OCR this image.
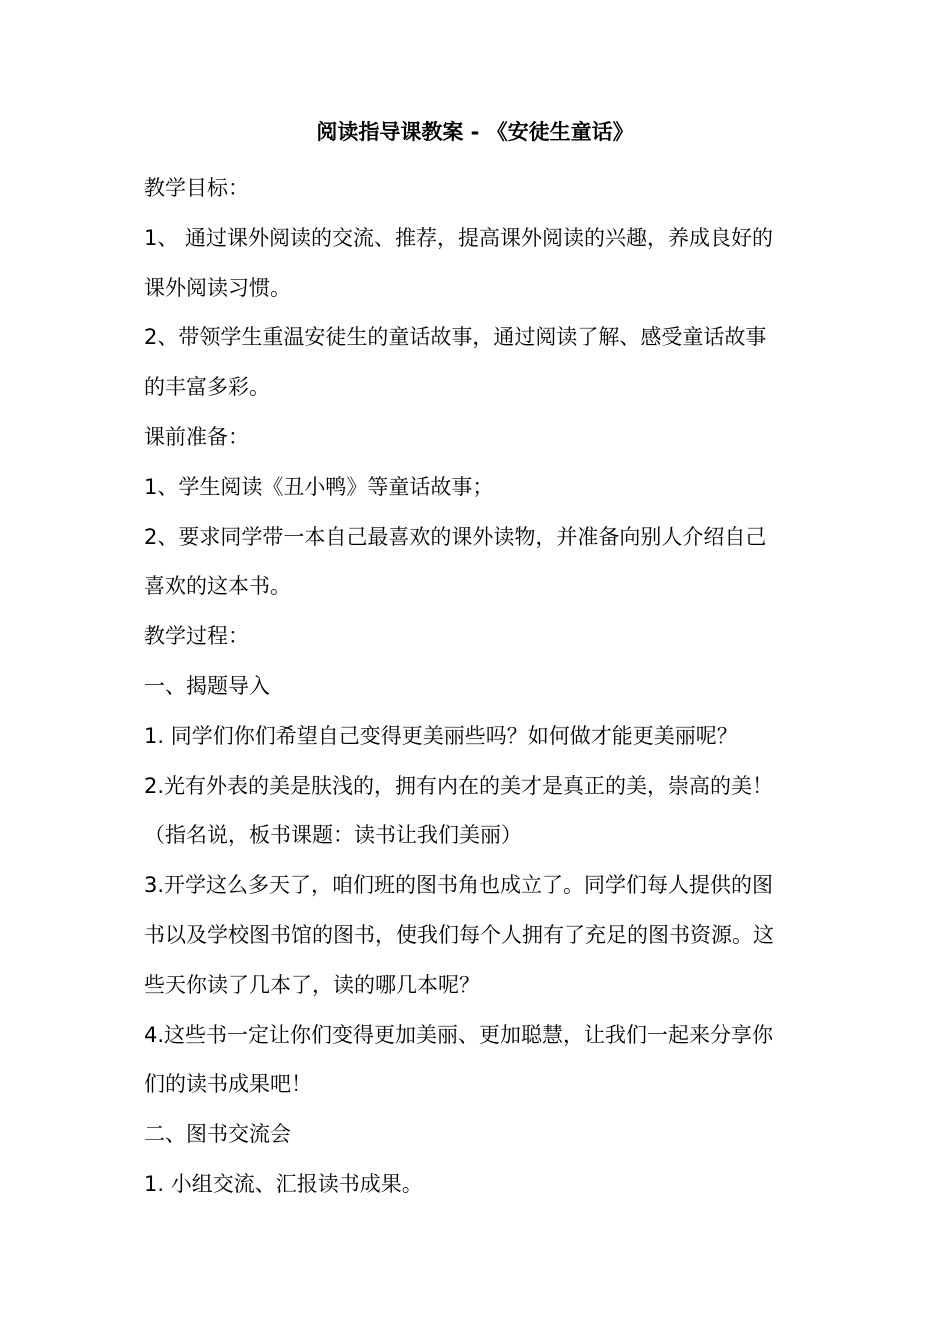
阅读指导课教案 - 《安徒生童话》
教学目标：
1、 通过课外阅读的交流、推荐，提高课外阅读的兴趣，养成良好的
课外阅读习惯。
2、带领学生重温安徒生的童话故事，通过阅读了解、感受童话故事
的丰富多彩。
课前准备：
1、学生阅读《丑小鸭》等童话故事；
2、要求同学带一本自己最喜欢的课外读物，并准备向别人介绍自己
喜欢的这本书。
教学过程：
一、揭题导入
1. 同学们你们希望自己变得更美丽些吗？如何做才能更美丽呢？
2.光有外表的美是肤浅的，拥有内在的美才是真正的美，崇高的美！
（指名说，板书课题：读书让我们美丽）
3.开学这么多天了，咱们班的图书角也成立了。同学们每人提供的图
书以及学校图书馆的图书，使我们每个人拥有了充足的图书资源。这
些天你读了几本了，读的哪几本呢？
4.这些书一定让你们变得更加美丽、更加聪慧，让我们一起来分享你
们的读书成果吧！
二、图书交流会
1. 小组交流、汇报读书成果。
